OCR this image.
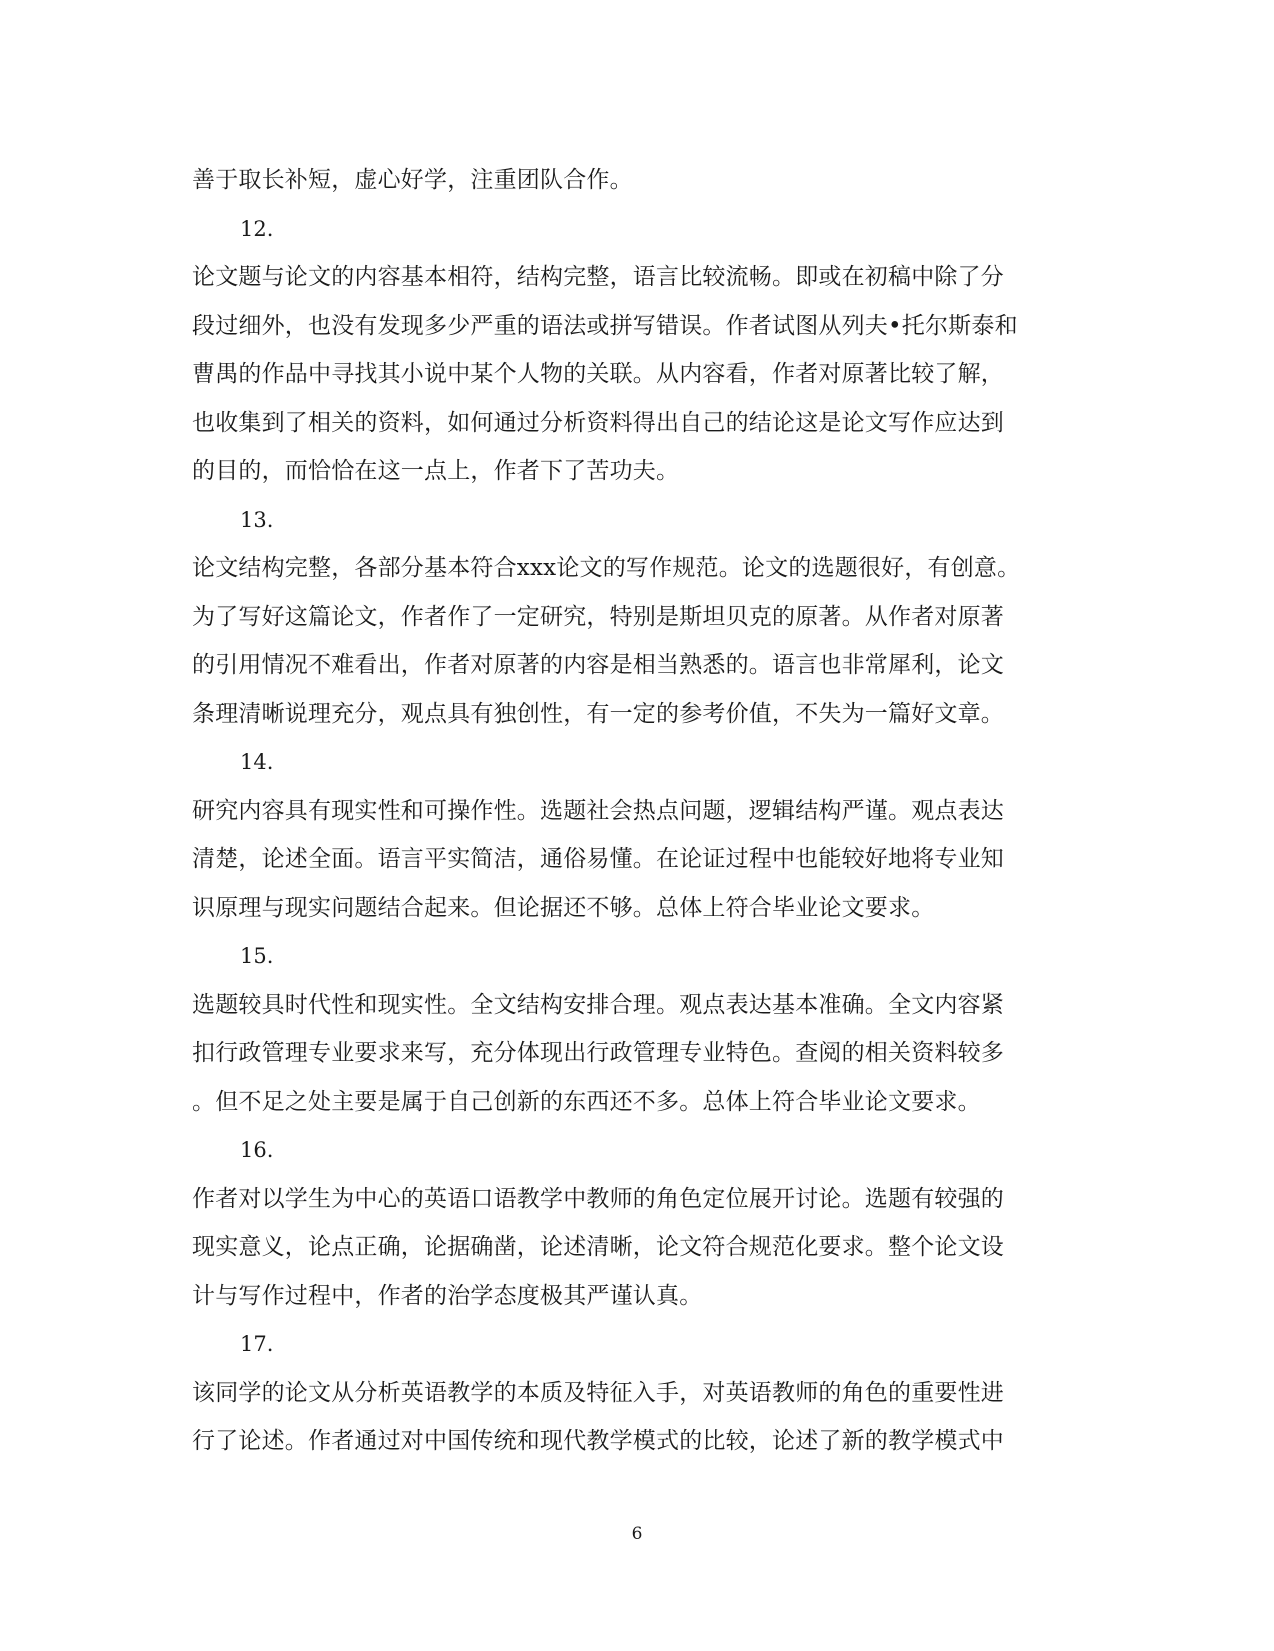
善于取长补短，虚心好学，注重团队合作。
12.
论文题与论文的内容基本相符，结构完整，语言比较流畅。即或在初稿中除了分
段过细外，也没有发现多少严重的语法或拼写错误。作者试图从列夫•托尔斯泰和
曹禺的作品中寻找其小说中某个人物的关联。从内容看，作者对原著比较了解，
也收集到了相关的资料，如何通过分析资料得出自己的结论这是论文写作应达到
的目的，而恰恰在这一点上，作者下了苦功夫。
13.
论文结构完整，各部分基本符合xxx论文的写作规范。论文的选题很好，有创意。
为了写好这篇论文，作者作了一定研究，特别是斯坦贝克的原著。从作者对原著
的引用情况不难看出，作者对原著的内容是相当熟悉的。语言也非常犀利，论文
条理清晰说理充分，观点具有独创性，有一定的参考价值，不失为一篇好文章。
14.
研究内容具有现实性和可操作性。选题社会热点问题，逻辑结构严谨。观点表达
清楚，论述全面。语言平实简洁，通俗易懂。在论证过程中也能较好地将专业知
识原理与现实问题结合起来。但论据还不够。总体上符合毕业论文要求。
15.
选题较具时代性和现实性。全文结构安排合理。观点表达基本准确。全文内容紧
扣行政管理专业要求来写，充分体现出行政管理专业特色。查阅的相关资料较多
。但不足之处主要是属于自己创新的东西还不多。总体上符合毕业论文要求。
16.
作者对以学生为中心的英语口语教学中教师的角色定位展开讨论。选题有较强的
现实意义，论点正确，论据确凿，论述清晰，论文符合规范化要求。整个论文设
计与写作过程中，作者的治学态度极其严谨认真。
17.
该同学的论文从分析英语教学的本质及特征入手，对英语教师的角色的重要性进
行了论述。作者通过对中国传统和现代教学模式的比较，论述了新的教学模式中
6
